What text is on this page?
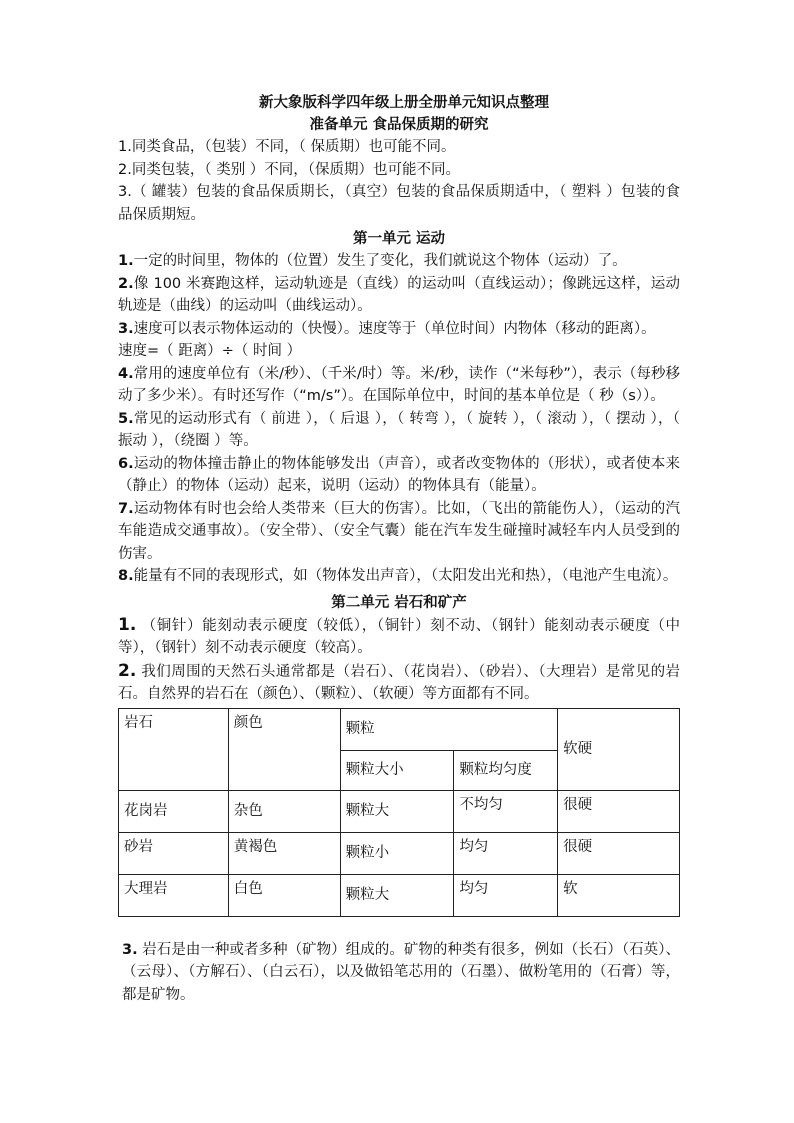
新大象版科学四年级上册全册单元知识点整理
准备单元 食品保质期的研究

1.同类食品，（包装）不同，（ 保质期）也可能不同。

2.同类包装，（ 类别 ）不同，（保质期）也可能不同。

3.（ 罐装）包装的食品保质期长，（真空）包装的食品保质期适中，（ 塑料 ）包装的食品保质期短。

第一单元 运动

1.一定的时间里，物体的（位置）发生了变化，我们就说这个物体（运动）了。

2.像 100 米赛跑这样，运动轨迹是（直线）的运动叫（直线运动）；像跳远这样，运动轨迹是（曲线）的运动叫（曲线运动）。

3.速度可以表示物体运动的（快慢）。速度等于（单位时间）内物体（移动的距离）。

速度=（ 距离）÷（ 时间 ）

4.常用的速度单位有（米/秒）、（千米/时）等。米/秒，读作（“米每秒”），表示（每秒移动了多少米）。有时还写作（“m/s”）。在国际单位中，时间的基本单位是（ 秒（s））。

5.常见的运动形式有（ 前进 ），（ 后退 ），（ 转弯 ），（ 旋转 ），（ 滚动 ），（ 摆动 ），（ 振动 ），（绕圈 ）等。

6.运动的物体撞击静止的物体能够发出（声音），或者改变物体的（形状），或者使本来（静止）的物体（运动）起来，说明（运动）的物体具有（能量）。

7.运动物体有时也会给人类带来（巨大的伤害）。比如，（飞出的箭能伤人），（运动的汽车能造成交通事故）。（安全带）、（安全气囊）能在汽车发生碰撞时减轻车内人员受到的伤害。

8.能量有不同的表现形式，如（物体发出声音），（太阳发出光和热），（电池产生电流）。

第二单元 岩石和矿产

1. （铜针）能刻动表示硬度（较低），（铜针）刻不动、（钢针）能刻动表示硬度（中等），（钢针）刻不动表示硬度（较高）。

2. 我们周围的天然石头通常都是（岩石）、（花岗岩）、（砂岩）、（大理岩）是常见的岩石。自然界的岩石在（颜色）、（颗粒）、（软硬）等方面都有不同。

岩石	颜色	颗粒		软硬
		颗粒大小	颗粒均匀度	
花岗岩	杂色	颗粒大	不均匀	很硬
砂岩	黄褐色	颗粒小	均匀	很硬
大理岩	白色	颗粒大	均匀	软

3. 岩石是由一种或者多种（矿物）组成的。矿物的种类有很多，例如（长石）（石英）、（云母）、（方解石）、（白云石），以及做铅笔芯用的（石墨）、做粉笔用的（石膏）等，都是矿物。
